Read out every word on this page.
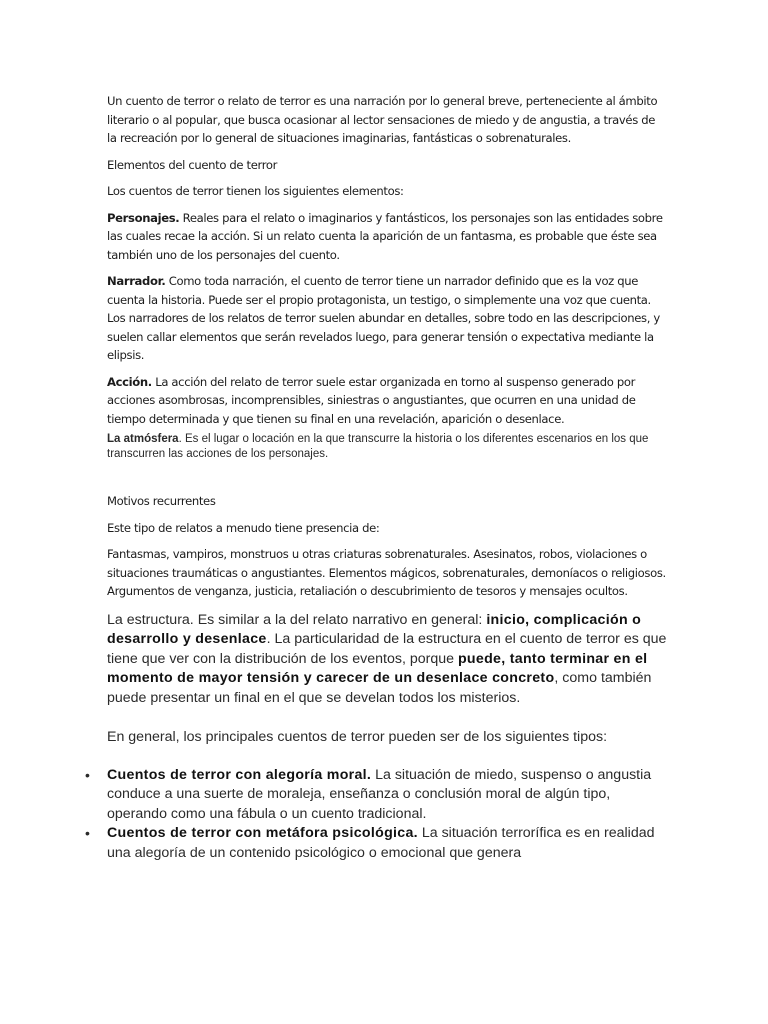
Un cuento de terror o relato de terror es una narración por lo general breve, perteneciente al ámbito literario o al popular, que busca ocasionar al lector sensaciones de miedo y de angustia, a través de la recreación por lo general de situaciones imaginarias, fantásticas o sobrenaturales.

Elementos del cuento de terror

Los cuentos de terror tienen los siguientes elementos:

Personajes. Reales para el relato o imaginarios y fantásticos, los personajes son las entidades sobre las cuales recae la acción. Si un relato cuenta la aparición de un fantasma, es probable que éste sea también uno de los personajes del cuento.

Narrador. Como toda narración, el cuento de terror tiene un narrador definido que es la voz que cuenta la historia. Puede ser el propio protagonista, un testigo, o simplemente una voz que cuenta. Los narradores de los relatos de terror suelen abundar en detalles, sobre todo en las descripciones, y suelen callar elementos que serán revelados luego, para generar tensión o expectativa mediante la elipsis.

Acción. La acción del relato de terror suele estar organizada en torno al suspenso generado por acciones asombrosas, incomprensibles, siniestras o angustiantes, que ocurren en una unidad de tiempo determinada y que tienen su final en una revelación, aparición o desenlace.

La atmósfera. Es el lugar o locación en la que transcurre la historia o los diferentes escenarios en los que transcurren las acciones de los personajes.

Motivos recurrentes

Este tipo de relatos a menudo tiene presencia de:

Fantasmas, vampiros, monstruos u otras criaturas sobrenaturales. Asesinatos, robos, violaciones o situaciones traumáticas o angustiantes. Elementos mágicos, sobrenaturales, demoníacos o religiosos. Argumentos de venganza, justicia, retaliación o descubrimiento de tesoros y mensajes ocultos.

La estructura. Es similar a la del relato narrativo en general: inicio, complicación o desarrollo y desenlace. La particularidad de la estructura en el cuento de terror es que tiene que ver con la distribución de los eventos, porque puede, tanto terminar en el momento de mayor tensión y carecer de un desenlace concreto, como también puede presentar un final en el que se develan todos los misterios.

En general, los principales cuentos de terror pueden ser de los siguientes tipos:

• Cuentos de terror con alegoría moral. La situación de miedo, suspenso o angustia conduce a una suerte de moraleja, enseñanza o conclusión moral de algún tipo, operando como una fábula o un cuento tradicional.
• Cuentos de terror con metáfora psicológica. La situación terrorífica es en realidad una alegoría de un contenido psicológico o emocional que genera
